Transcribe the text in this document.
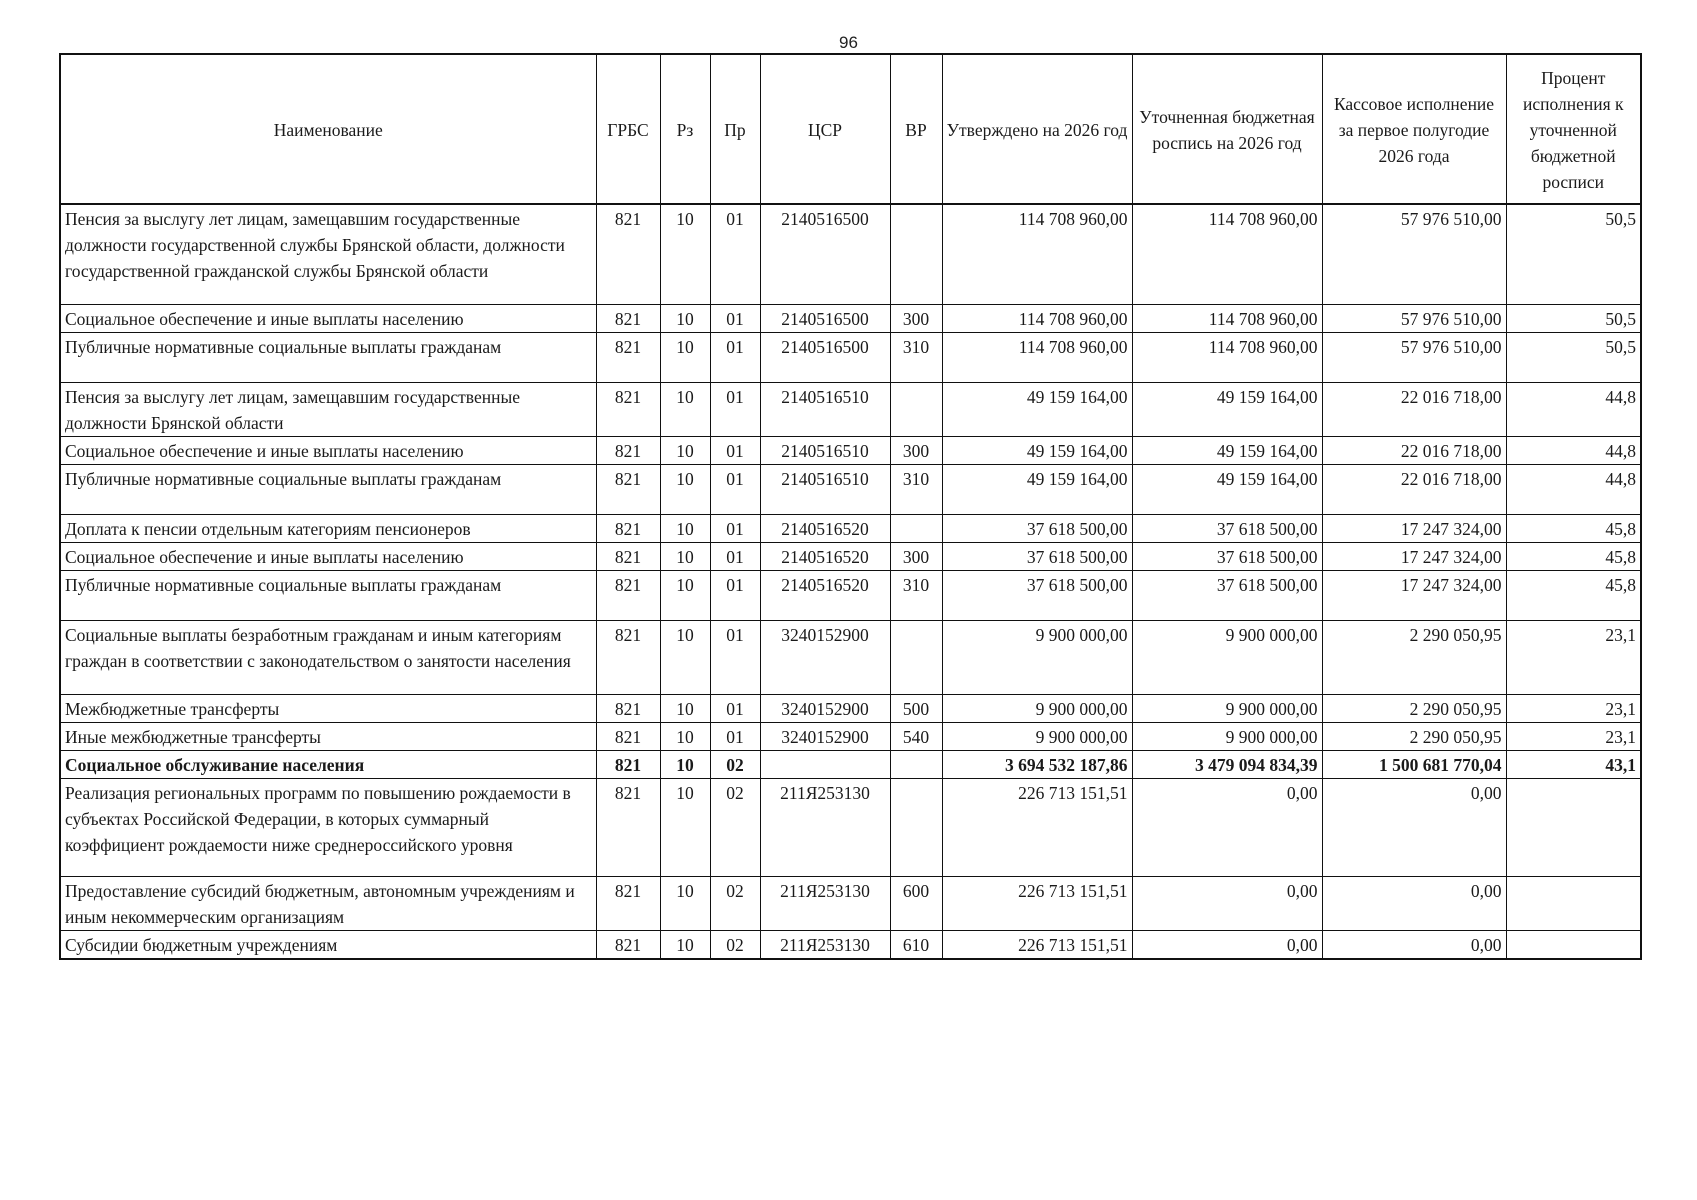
96
Наименование	ГРБС	Рз	Пр	ЦСР	ВР	Утверждено на 2026 год	Уточненная бюджетная роспись на 2026 год	Кассовое исполнение за первое полугодие 2026 года	Процент исполнения к уточненной бюджетной росписи
Пенсия за выслугу лет лицам, замещавшим государственные должности государственной службы Брянской области, должности государственной гражданской службы Брянской области	821	10	01	2140516500		114 708 960,00	114 708 960,00	57 976 510,00	50,5
Социальное обеспечение и иные выплаты населению	821	10	01	2140516500	300	114 708 960,00	114 708 960,00	57 976 510,00	50,5
Публичные нормативные социальные выплаты гражданам	821	10	01	2140516500	310	114 708 960,00	114 708 960,00	57 976 510,00	50,5
Пенсия за выслугу лет лицам, замещавшим государственные должности Брянской области	821	10	01	2140516510		49 159 164,00	49 159 164,00	22 016 718,00	44,8
Социальное обеспечение и иные выплаты населению	821	10	01	2140516510	300	49 159 164,00	49 159 164,00	22 016 718,00	44,8
Публичные нормативные социальные выплаты гражданам	821	10	01	2140516510	310	49 159 164,00	49 159 164,00	22 016 718,00	44,8
Доплата к пенсии отдельным категориям пенсионеров	821	10	01	2140516520		37 618 500,00	37 618 500,00	17 247 324,00	45,8
Социальное обеспечение и иные выплаты населению	821	10	01	2140516520	300	37 618 500,00	37 618 500,00	17 247 324,00	45,8
Публичные нормативные социальные выплаты гражданам	821	10	01	2140516520	310	37 618 500,00	37 618 500,00	17 247 324,00	45,8
Социальные выплаты безработным гражданам и иным категориям граждан в соответствии с законодательством о занятости населения	821	10	01	3240152900		9 900 000,00	9 900 000,00	2 290 050,95	23,1
Межбюджетные трансферты	821	10	01	3240152900	500	9 900 000,00	9 900 000,00	2 290 050,95	23,1
Иные межбюджетные трансферты	821	10	01	3240152900	540	9 900 000,00	9 900 000,00	2 290 050,95	23,1
Социальное обслуживание населения	821	10	02			3 694 532 187,86	3 479 094 834,39	1 500 681 770,04	43,1
Реализация региональных программ по повышению рождаемости в субъектах Российской Федерации, в которых суммарный коэффициент рождаемости ниже среднероссийского уровня	821	10	02	211Я253130		226 713 151,51	0,00	0,00	
Предоставление субсидий бюджетным, автономным учреждениям и иным некоммерческим организациям	821	10	02	211Я253130	600	226 713 151,51	0,00	0,00	
Субсидии бюджетным учреждениям	821	10	02	211Я253130	610	226 713 151,51	0,00	0,00	
